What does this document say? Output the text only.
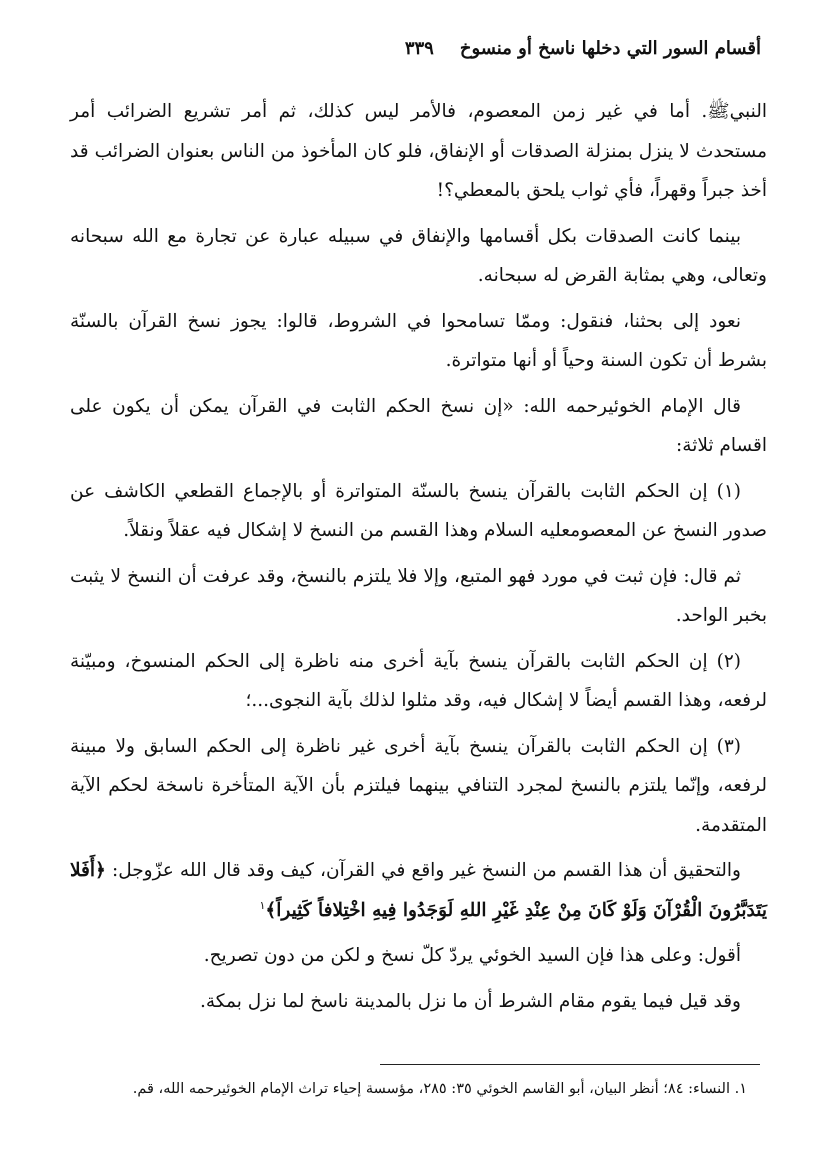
أقسام السور التي دخلها ناسخ أو منسوخ
٣٣٩

النبيﷺ. أما في غير زمن المعصوم، فالأمر ليس كذلك، ثم أمر تشريع الضرائب أمر مستحدث لا ينزل بمنزلة الصدقات أو الإنفاق، فلو كان المأخوذ من الناس بعنوان الضرائب قد أخذ جبراً وقهراً، فأي ثواب يلحق بالمعطي؟!

بينما كانت الصدقات بكل أقسامها والإنفاق في سبيله عبارة عن تجارة مع الله سبحانه وتعالى، وهي بمثابة القرض له سبحانه.

نعود إلى بحثنا، فنقول: وممّا تسامحوا في الشروط، قالوا: يجوز نسخ القرآن بالسنّة بشرط أن تكون السنة وحياً أو أنها متواترة.

قال الإمام الخوئيرحمه الله: «إن نسخ الحكم الثابت في القرآن يمكن أن يكون على اقسام ثلاثة:

(١) إن الحكم الثابت بالقرآن ينسخ بالسنّة المتواترة أو بالإجماع القطعي الكاشف عن صدور النسخ عن المعصومعليه السلام وهذا القسم من النسخ لا إشكال فيه عقلاً ونقلاً.

ثم قال: فإن ثبت في مورد فهو المتبع، وإلا فلا يلتزم بالنسخ، وقد عرفت أن النسخ لا يثبت بخبر الواحد.

(٢) إن الحكم الثابت بالقرآن ينسخ بآية أخرى منه ناظرة إلى الحكم المنسوخ، ومبيّنة لرفعه، وهذا القسم أيضاً لا إشكال فيه، وقد مثلوا لذلك بآية النجوى...؛

(٣) إن الحكم الثابت بالقرآن ينسخ بآية أخرى غير ناظرة إلى الحكم السابق ولا مبينة لرفعه، وإنّما يلتزم بالنسخ لمجرد التنافي بينهما فيلتزم بأن الآية المتأخرة ناسخة لحكم الآية المتقدمة.

والتحقيق أن هذا القسم من النسخ غير واقع في القرآن، كيف وقد قال الله عزّوجل: ﴿أَفَلا يَتَدَبَّرُونَ الْقُرْآنَ وَلَوْ كَانَ مِنْ عِنْدِ غَيْرِ اللهِ لَوَجَدُوا فِيهِ اخْتِلافاً كَثِيراً﴾$^١$

أقول: وعلى هذا فإن السيد الخوئي يردّ كلّ نسخ و لكن من دون تصريح.

وقد قيل فيما يقوم مقام الشرط أن ما نزل بالمدينة ناسخ لما نزل بمكة.

١. النساء: ٨٤؛ أنظر البيان، أبو القاسم الخوئي ٣٥: ٢٨٥، مؤسسة إحياء تراث الإمام الخوئيرحمه الله، قم.
